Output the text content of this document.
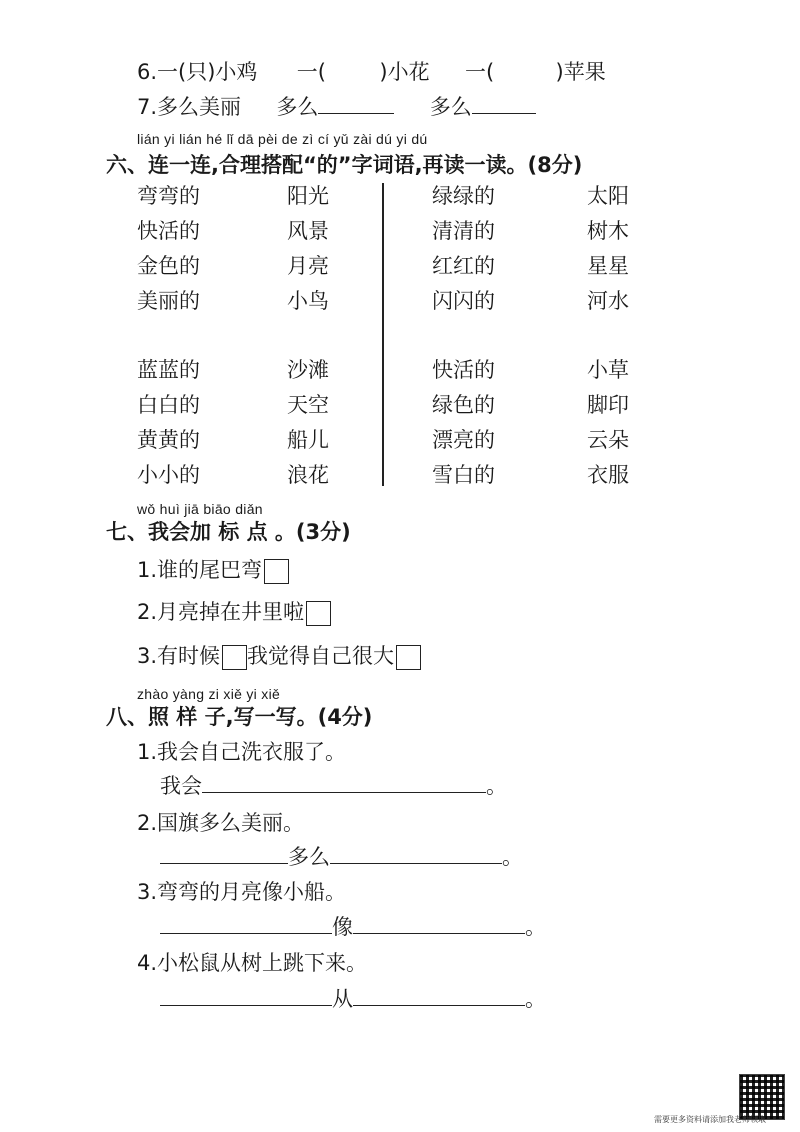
6.一(只)小鸡 一(	)小花 一(	)苹果
7.多么美丽 多么	多么
lián yi lián hé lǐ dā pèi de zì cí yǔ zài dú yi dú
六、连一连,合理搭配“的”字词语,再读一读。(8分)
弯弯的	阳光
快活的	风景
金色的	月亮
美丽的	小鸟
绿绿的	太阳
清清的	树木
红红的	星星
闪闪的	河水
蓝蓝的	沙滩
白白的	天空
黄黄的	船儿
小小的	浪花
快活的	小草
绿色的	脚印
漂亮的	云朵
雪白的	衣服
wǒ huì jiā biāo diǎn
七、我会加 标 点 。(3分)
1.谁的尾巴弯
2.月亮掉在井里啦
3.有时候 我觉得自己很大
zhào yàng zi xiě yi xiě
八、照 样 子,写一写。(4分)
1.我会自己洗衣服了。
我会	。
2.国旗多么美丽。
多么	。
3.弯弯的月亮像小船。
像	。
4.小松鼠从树上跳下来。
从	。
需要更多资料请添加我老师领取
